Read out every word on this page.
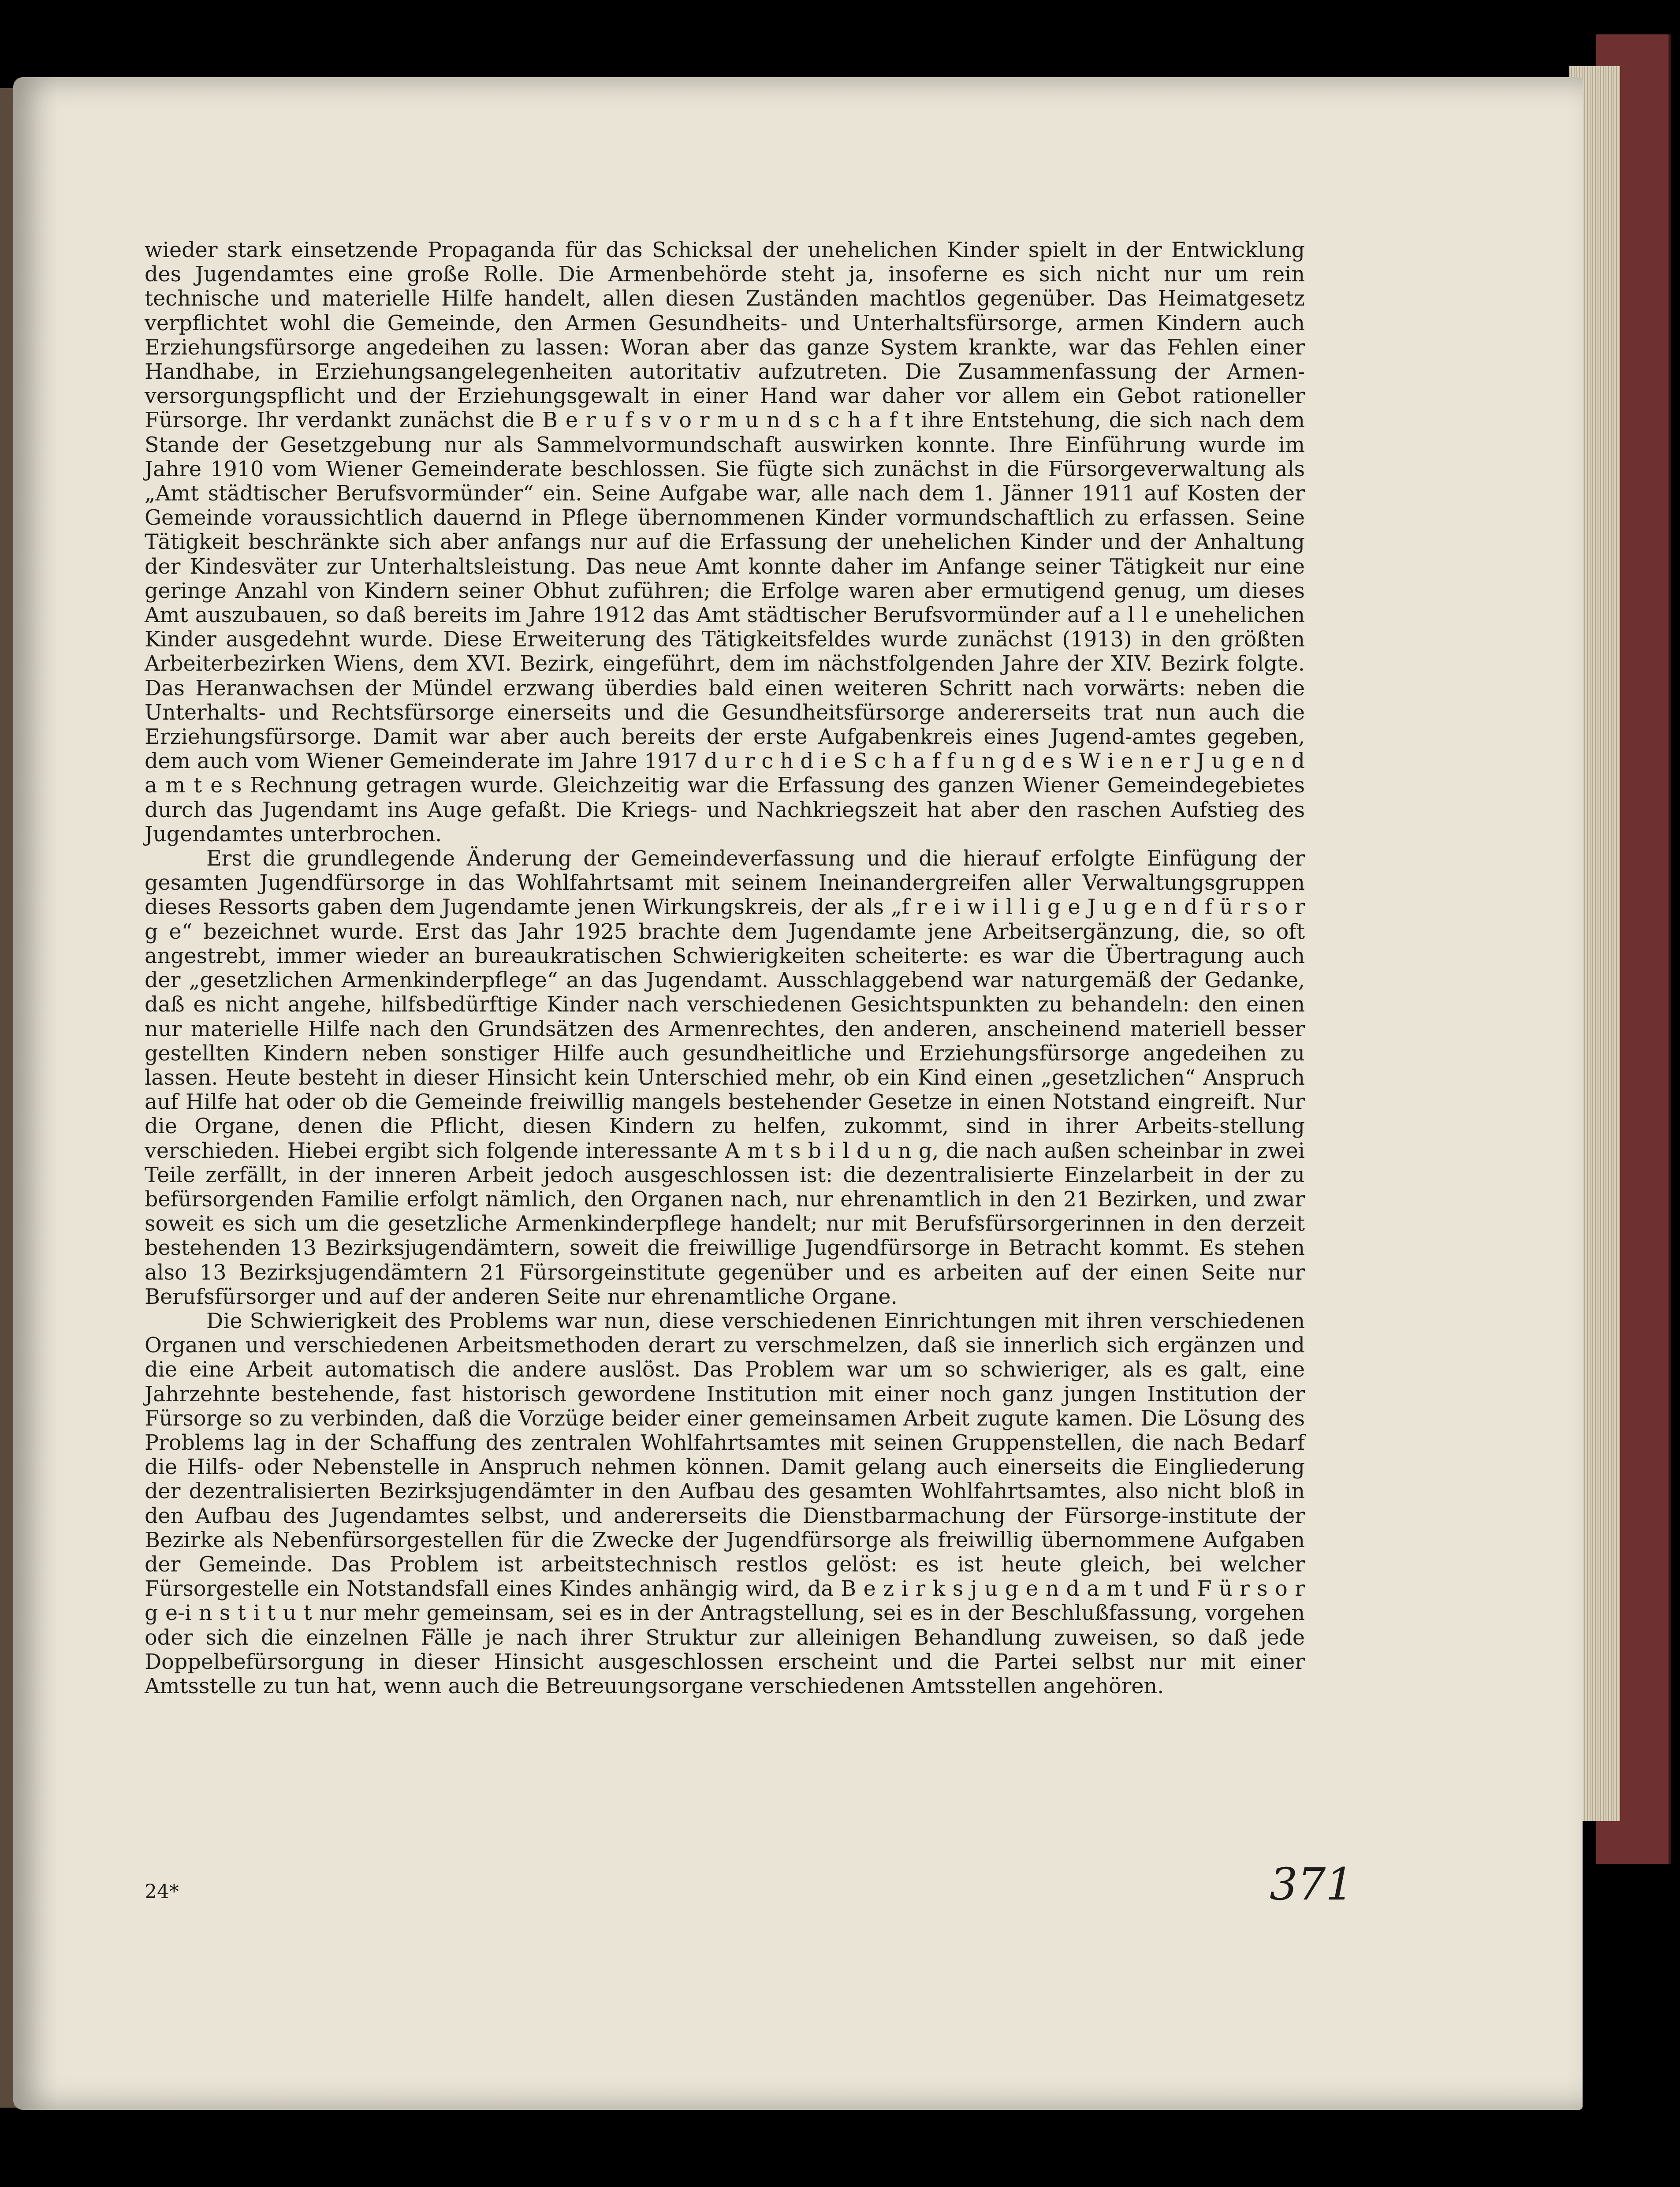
wieder stark einsetzende Propaganda für das Schicksal der unehelichen Kinder spielt in der Entwicklung des Jugendamtes eine große Rolle. Die Armenbehörde steht ja, insoferne es sich nicht nur um rein technische und materielle Hilfe handelt, allen diesen Zuständen machtlos gegenüber. Das Heimatgesetz verpflichtet wohl die Gemeinde, den Armen Gesundheits- und Unterhaltsfürsorge, armen Kindern auch Erziehungsfürsorge angedeihen zu lassen: Woran aber das ganze System krankte, war das Fehlen einer Handhabe, in Erziehungsangelegenheiten autoritativ aufzutreten. Die Zusammenfassung der Armen-versorgungspflicht und der Erziehungsgewalt in einer Hand war daher vor allem ein Gebot rationeller Fürsorge. Ihr verdankt zunächst die B e r u f s v o r m u n d s c h a f t ihre Entstehung, die sich nach dem Stande der Gesetzgebung nur als Sammelvormundschaft auswirken konnte. Ihre Einführung wurde im Jahre 1910 vom Wiener Gemeinderate beschlossen. Sie fügte sich zunächst in die Fürsorgeverwaltung als „Amt städtischer Berufsvormünder“ ein. Seine Aufgabe war, alle nach dem 1. Jänner 1911 auf Kosten der Gemeinde voraussichtlich dauernd in Pflege übernommenen Kinder vormundschaftlich zu erfassen. Seine Tätigkeit beschränkte sich aber anfangs nur auf die Erfassung der unehelichen Kinder und der Anhaltung der Kindesväter zur Unterhaltsleistung. Das neue Amt konnte daher im Anfange seiner Tätigkeit nur eine geringe Anzahl von Kindern seiner Obhut zuführen; die Erfolge waren aber ermutigend genug, um dieses Amt auszubauen, so daß bereits im Jahre 1912 das Amt städtischer Berufsvormünder auf a l l e unehelichen Kinder ausgedehnt wurde. Diese Erweiterung des Tätigkeitsfeldes wurde zunächst (1913) in den größten Arbeiterbezirken Wiens, dem XVI. Bezirk, eingeführt, dem im nächstfolgenden Jahre der XIV. Bezirk folgte. Das Heranwachsen der Mündel erzwang überdies bald einen weiteren Schritt nach vorwärts: neben die Unterhalts- und Rechtsfürsorge einerseits und die Gesundheitsfürsorge andererseits trat nun auch die Erziehungsfürsorge. Damit war aber auch bereits der erste Aufgabenkreis eines Jugend-amtes gegeben, dem auch vom Wiener Gemeinderate im Jahre 1917 d u r c h d i e S c h a f f u n g d e s W i e n e r J u g e n d a m t e s Rechnung getragen wurde. Gleichzeitig war die Erfassung des ganzen Wiener Gemeindegebietes durch das Jugendamt ins Auge gefaßt. Die Kriegs- und Nachkriegszeit hat aber den raschen Aufstieg des Jugendamtes unterbrochen.

Erst die grundlegende Änderung der Gemeindeverfassung und die hierauf erfolgte Einfügung der gesamten Jugendfürsorge in das Wohlfahrtsamt mit seinem Ineinandergreifen aller Verwaltungsgruppen dieses Ressorts gaben dem Jugendamte jenen Wirkungskreis, der als „f r e i w i l l i g e J u g e n d f ü r s o r g e“ bezeichnet wurde. Erst das Jahr 1925 brachte dem Jugendamte jene Arbeitsergänzung, die, so oft angestrebt, immer wieder an bureaukratischen Schwierigkeiten scheiterte: es war die Übertragung auch der „gesetzlichen Armenkinderpflege“ an das Jugendamt. Ausschlaggebend war naturgemäß der Gedanke, daß es nicht angehe, hilfsbedürftige Kinder nach verschiedenen Gesichtspunkten zu behandeln: den einen nur materielle Hilfe nach den Grundsätzen des Armenrechtes, den anderen, anscheinend materiell besser gestellten Kindern neben sonstiger Hilfe auch gesundheitliche und Erziehungsfürsorge angedeihen zu lassen. Heute besteht in dieser Hinsicht kein Unterschied mehr, ob ein Kind einen „gesetzlichen“ Anspruch auf Hilfe hat oder ob die Gemeinde freiwillig mangels bestehender Gesetze in einen Notstand eingreift. Nur die Organe, denen die Pflicht, diesen Kindern zu helfen, zukommt, sind in ihrer Arbeits-stellung verschieden. Hiebei ergibt sich folgende interessante A m t s b i l d u n g, die nach außen scheinbar in zwei Teile zerfällt, in der inneren Arbeit jedoch ausgeschlossen ist: die dezentralisierte Einzelarbeit in der zu befürsorgenden Familie erfolgt nämlich, den Organen nach, nur ehrenamtlich in den 21 Bezirken, und zwar soweit es sich um die gesetzliche Armenkinderpflege handelt; nur mit Berufsfürsorgerinnen in den derzeit bestehenden 13 Bezirksjugendämtern, soweit die freiwillige Jugendfürsorge in Betracht kommt. Es stehen also 13 Bezirksjugendämtern 21 Fürsorgeinstitute gegenüber und es arbeiten auf der einen Seite nur Berufsfürsorger und auf der anderen Seite nur ehrenamtliche Organe.

Die Schwierigkeit des Problems war nun, diese verschiedenen Einrichtungen mit ihren verschiedenen Organen und verschiedenen Arbeitsmethoden derart zu verschmelzen, daß sie innerlich sich ergänzen und die eine Arbeit automatisch die andere auslöst. Das Problem war um so schwieriger, als es galt, eine Jahrzehnte bestehende, fast historisch gewordene Institution mit einer noch ganz jungen Institution der Fürsorge so zu verbinden, daß die Vorzüge beider einer gemeinsamen Arbeit zugute kamen. Die Lösung des Problems lag in der Schaffung des zentralen Wohlfahrtsamtes mit seinen Gruppenstellen, die nach Bedarf die Hilfs- oder Nebenstelle in Anspruch nehmen können. Damit gelang auch einerseits die Eingliederung der dezentralisierten Bezirksjugendämter in den Aufbau des gesamten Wohlfahrtsamtes, also nicht bloß in den Aufbau des Jugendamtes selbst, und andererseits die Dienstbarmachung der Fürsorge-institute der Bezirke als Nebenfürsorgestellen für die Zwecke der Jugendfürsorge als freiwillig übernommene Aufgaben der Gemeinde. Das Problem ist arbeitstechnisch restlos gelöst: es ist heute gleich, bei welcher Fürsorgestelle ein Notstandsfall eines Kindes anhängig wird, da B e z i r k s j u g e n d a m t und F ü r s o r g e-i n s t i t u t nur mehr gemeinsam, sei es in der Antragstellung, sei es in der Beschlußfassung, vorgehen oder sich die einzelnen Fälle je nach ihrer Struktur zur alleinigen Behandlung zuweisen, so daß jede Doppelbefürsorgung in dieser Hinsicht ausgeschlossen erscheint und die Partei selbst nur mit einer Amtsstelle zu tun hat, wenn auch die Betreuungsorgane verschiedenen Amtsstellen angehören.

24*	371
